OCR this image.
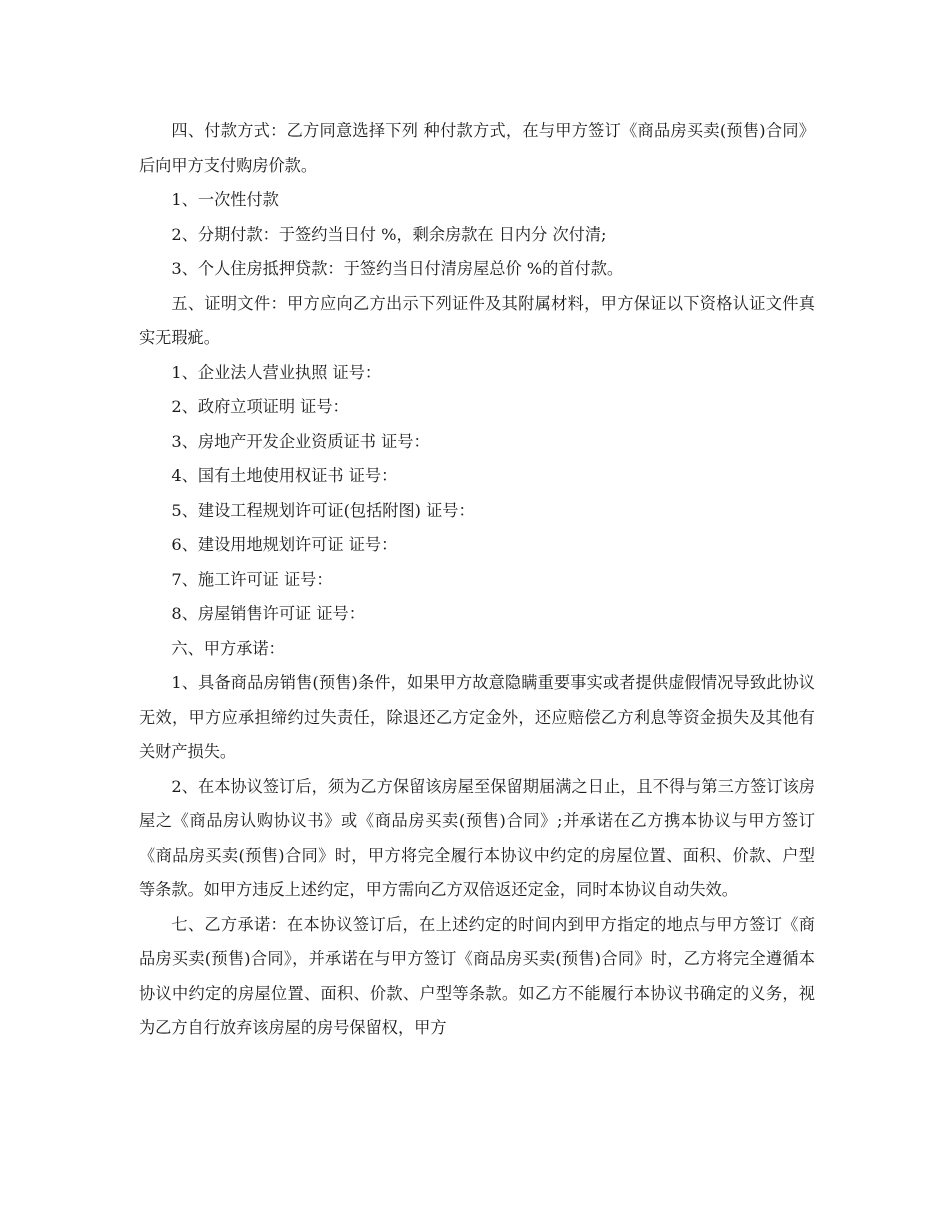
四、付款方式：乙方同意选择下列 种付款方式，在与甲方签订《商品房买卖(预售)合同》后向甲方支付购房价款。

1、一次性付款

2、分期付款：于签约当日付 %，剩余房款在 日内分 次付清;

3、个人住房抵押贷款：于签约当日付清房屋总价 %的首付款。

五、证明文件：甲方应向乙方出示下列证件及其附属材料，甲方保证以下资格认证文件真实无瑕疵。

1、企业法人营业执照 证号：

2、政府立项证明 证号：

3、房地产开发企业资质证书 证号：

4、国有土地使用权证书 证号：

5、建设工程规划许可证(包括附图) 证号：

6、建设用地规划许可证 证号：

7、施工许可证 证号：

8、房屋销售许可证 证号：

六、甲方承诺：

1、具备商品房销售(预售)条件，如果甲方故意隐瞒重要事实或者提供虚假情况导致此协议无效，甲方应承担缔约过失责任，除退还乙方定金外，还应赔偿乙方利息等资金损失及其他有关财产损失。

2、在本协议签订后，须为乙方保留该房屋至保留期届满之日止，且不得与第三方签订该房屋之《商品房认购协议书》或《商品房买卖(预售)合同》;并承诺在乙方携本协议与甲方签订《商品房买卖(预售)合同》时，甲方将完全履行本协议中约定的房屋位置、面积、价款、户型等条款。如甲方违反上述约定，甲方需向乙方双倍返还定金，同时本协议自动失效。

七、乙方承诺：在本协议签订后，在上述约定的时间内到甲方指定的地点与甲方签订《商品房买卖(预售)合同》，并承诺在与甲方签订《商品房买卖(预售)合同》时，乙方将完全遵循本协议中约定的房屋位置、面积、价款、户型等条款。如乙方不能履行本协议书确定的义务，视为乙方自行放弃该房屋的房号保留权，甲方
